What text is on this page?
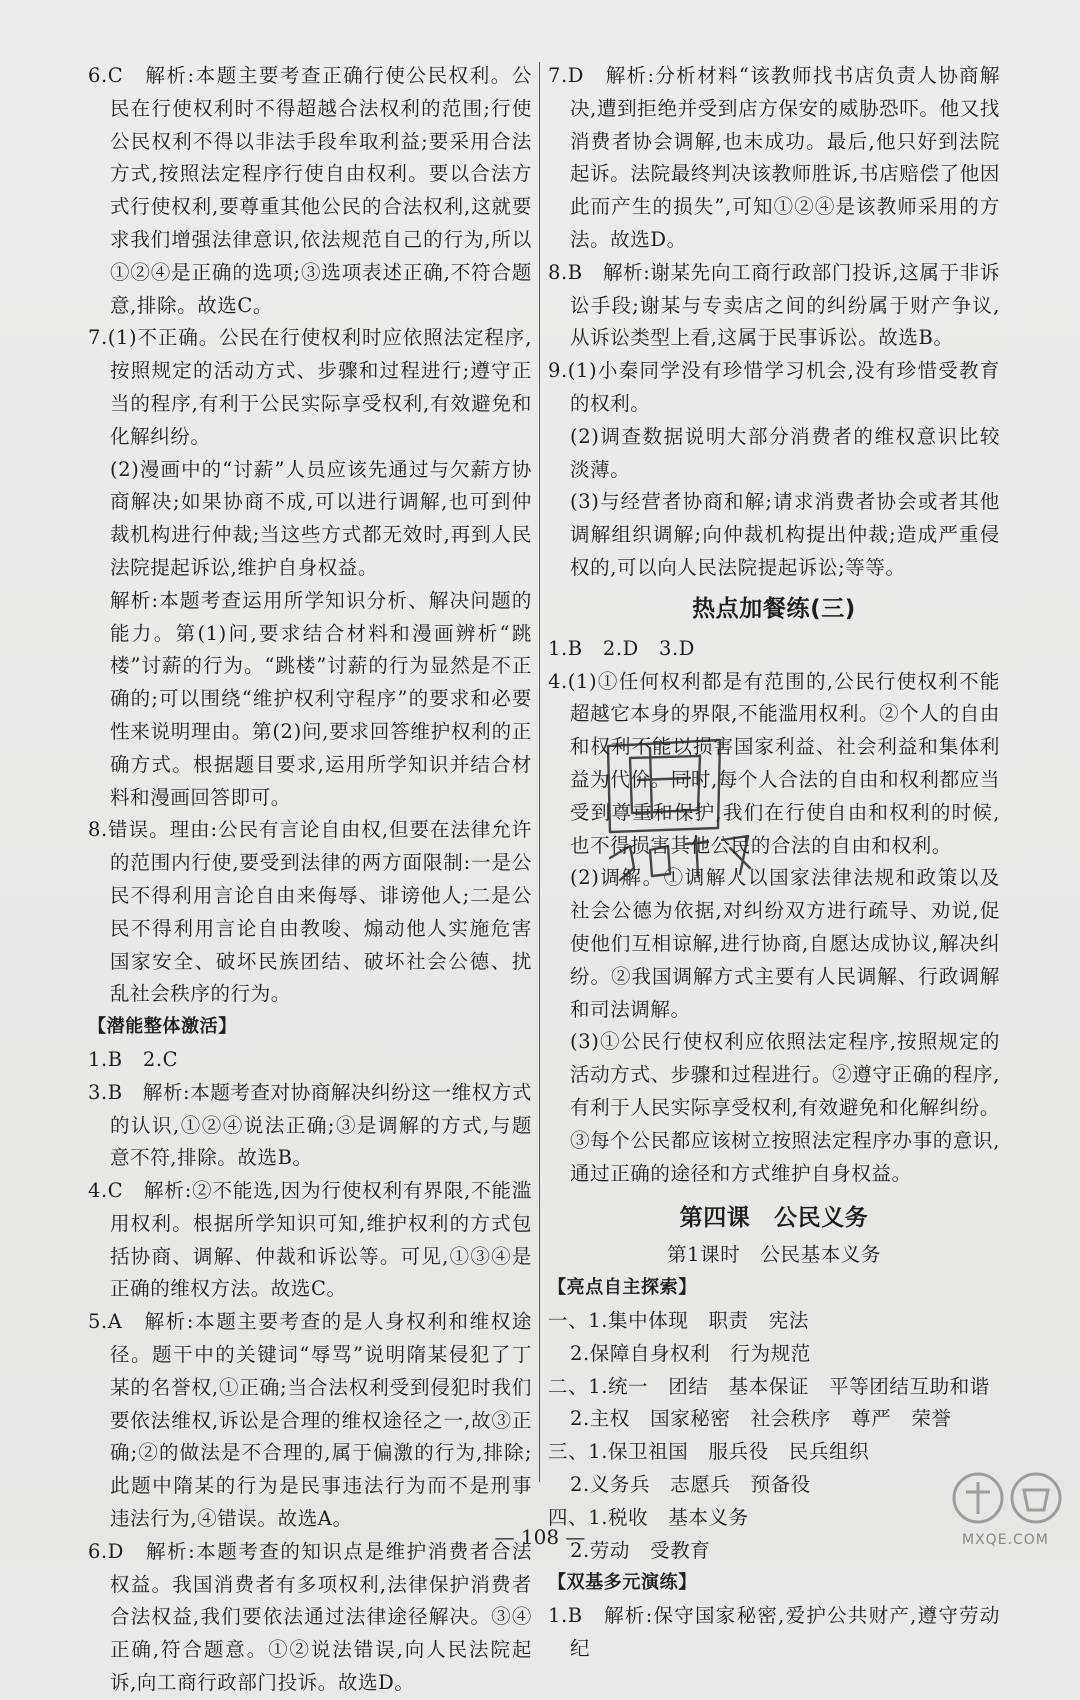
6.C　解析:本题主要考查正确行使公民权利。公民在行使权利时不得超越合法权利的范围;行使公民权利不得以非法手段牟取利益;要采用合法方式,按照法定程序行使自由权利。要以合法方式行使权利,要尊重其他公民的合法权利,这就要求我们增强法律意识,依法规范自己的行为,所以①②④是正确的选项;③选项表述正确,不符合题意,排除。故选C。

7.(1)不正确。公民在行使权利时应依照法定程序,按照规定的活动方式、步骤和过程进行;遵守正当的程序,有利于公民实际享受权利,有效避免和化解纠纷。

(2)漫画中的“讨薪”人员应该先通过与欠薪方协商解决;如果协商不成,可以进行调解,也可到仲裁机构进行仲裁;当这些方式都无效时,再到人民法院提起诉讼,维护自身权益。

解析:本题考查运用所学知识分析、解决问题的能力。第(1)问,要求结合材料和漫画辨析“跳楼”讨薪的行为。“跳楼”讨薪的行为显然是不正确的;可以围绕“维护权利守程序”的要求和必要性来说明理由。第(2)问,要求回答维护权利的正确方式。根据题目要求,运用所学知识并结合材料和漫画回答即可。

8.错误。理由:公民有言论自由权,但要在法律允许的范围内行使,要受到法律的两方面限制:一是公民不得利用言论自由来侮辱、诽谤他人;二是公民不得利用言论自由教唆、煽动他人实施危害国家安全、破坏民族团结、破坏社会公德、扰乱社会秩序的行为。

【潜能整体激活】

1.B　2.C

3.B　解析:本题考查对协商解决纠纷这一维权方式的认识,①②④说法正确;③是调解的方式,与题意不符,排除。故选B。

4.C　解析:②不能选,因为行使权利有界限,不能滥用权利。根据所学知识可知,维护权利的方式包括协商、调解、仲裁和诉讼等。可见,①③④是正确的维权方法。故选C。

5.A　解析:本题主要考查的是人身权利和维权途径。题干中的关键词“辱骂”说明隋某侵犯了丁某的名誉权,①正确;当合法权利受到侵犯时我们要依法维权,诉讼是合理的维权途径之一,故③正确;②的做法是不合理的,属于偏激的行为,排除;此题中隋某的行为是民事违法行为而不是刑事违法行为,④错误。故选A。

6.D　解析:本题考查的知识点是维护消费者合法权益。我国消费者有多项权利,法律保护消费者合法权益,我们要依法通过法律途径解决。③④正确,符合题意。①②说法错误,向人民法院起诉,向工商行政部门投诉。故选D。

7.D　解析:分析材料“该教师找书店负责人协商解决,遭到拒绝并受到店方保安的威胁恐吓。他又找消费者协会调解,也未成功。最后,他只好到法院起诉。法院最终判决该教师胜诉,书店赔偿了他因此而产生的损失”,可知①②④是该教师采用的方法。故选D。

8.B　解析:谢某先向工商行政部门投诉,这属于非诉讼手段;谢某与专卖店之间的纠纷属于财产争议,从诉讼类型上看,这属于民事诉讼。故选B。

9.(1)小秦同学没有珍惜学习机会,没有珍惜受教育的权利。

(2)调查数据说明大部分消费者的维权意识比较淡薄。

(3)与经营者协商和解;请求消费者协会或者其他调解组织调解;向仲裁机构提出仲裁;造成严重侵权的,可以向人民法院提起诉讼;等等。

热点加餐练(三)

1.B　2.D　3.D

4.(1)①任何权利都是有范围的,公民行使权利不能超越它本身的界限,不能滥用权利。②个人的自由和权利不能以损害国家利益、社会利益和集体利益为代价。同时,每个人合法的自由和权利都应当受到尊重和保护,我们在行使自由和权利的时候,也不得损害其他公民的合法的自由和权利。

(2)调解。①调解人以国家法律法规和政策以及社会公德为依据,对纠纷双方进行疏导、劝说,促使他们互相谅解,进行协商,自愿达成协议,解决纠纷。②我国调解方式主要有人民调解、行政调解和司法调解。

(3)①公民行使权利应依照法定程序,按照规定的活动方式、步骤和过程进行。②遵守正确的程序,有利于人民实际享受权利,有效避免和化解纠纷。③每个公民都应该树立按照法定程序办事的意识,通过正确的途径和方式维护自身权益。

第四课　公民义务

第1课时　公民基本义务

【亮点自主探索】

一、1.集中体现　职责　宪法

2.保障自身权利　行为规范

二、1.统一　团结　基本保证　平等团结互助和谐

2.主权　国家秘密　社会秩序　尊严　荣誉

三、1.保卫祖国　服兵役　民兵组织

2.义务兵　志愿兵　预备役

四、1.税收　基本义务

2.劳动　受教育

【双基多元演练】

1.B　解析:保守国家秘密,爱护公共财产,遵守劳动纪

MXQE.COM
— 108 —
